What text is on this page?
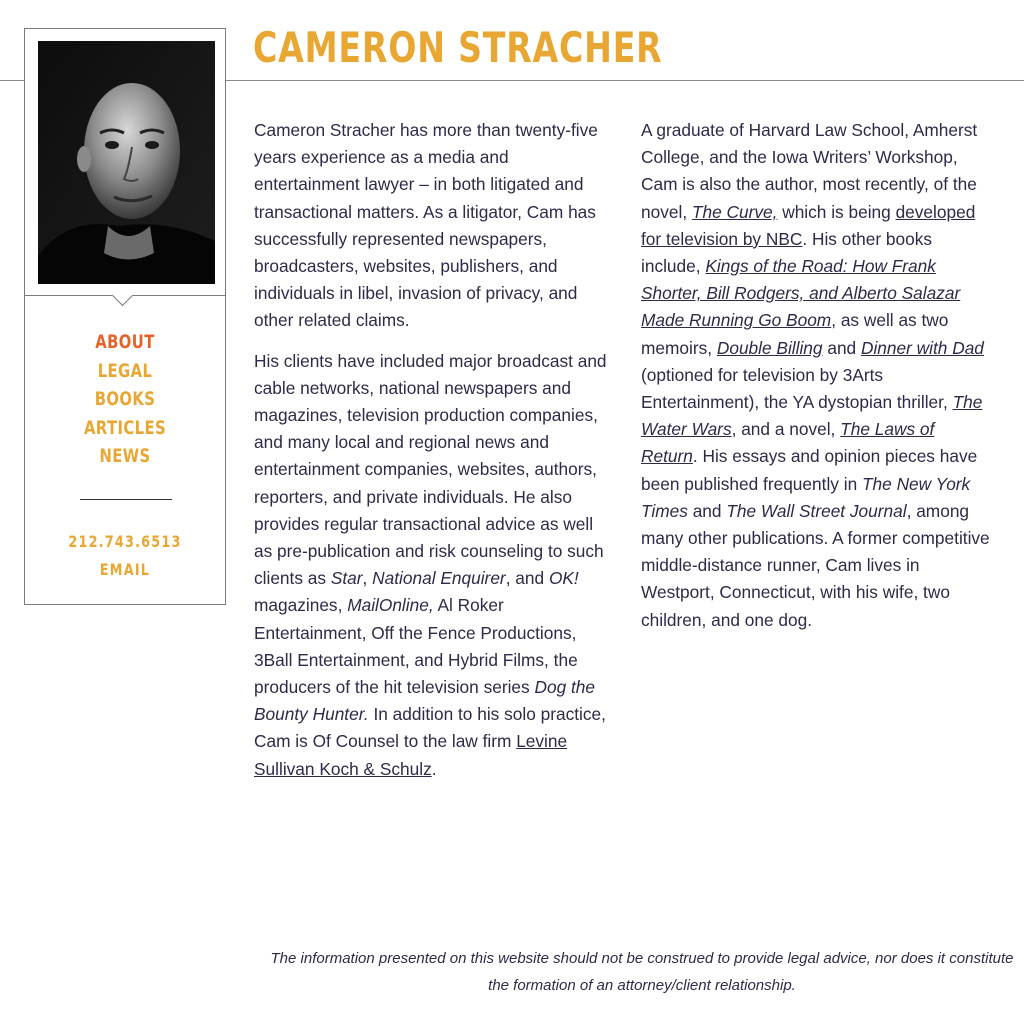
CAMERON STRACHER
ABOUT
LEGAL
BOOKS
ARTICLES
NEWS
212.743.6513
EMAIL

Cameron Stracher has more than twenty-five years experience as a media and entertainment lawyer – in both litigated and transactional matters. As a litigator, Cam has successfully represented newspapers, broadcasters, websites, publishers, and individuals in libel, invasion of privacy, and other related claims.

His clients have included major broadcast and cable networks, national newspapers and magazines, television production companies, and many local and regional news and entertainment companies, websites, authors, reporters, and private individuals. He also provides regular transactional advice as well as pre-publication and risk counseling to such clients as Star, National Enquirer, and OK! magazines, MailOnline, Al Roker Entertainment, Off the Fence Productions, 3Ball Entertainment, and Hybrid Films, the producers of the hit television series Dog the Bounty Hunter. In addition to his solo practice, Cam is Of Counsel to the law firm Levine Sullivan Koch & Schulz.

A graduate of Harvard Law School, Amherst College, and the Iowa Writers’ Workshop, Cam is also the author, most recently, of the novel, The Curve, which is being developed for television by NBC. His other books include, Kings of the Road: How Frank Shorter, Bill Rodgers, and Alberto Salazar Made Running Go Boom, as well as two memoirs, Double Billing and Dinner with Dad (optioned for television by 3Arts Entertainment), the YA dystopian thriller, The Water Wars, and a novel, The Laws of Return. His essays and opinion pieces have been published frequently in The New York Times and The Wall Street Journal, among many other publications. A former competitive middle-distance runner, Cam lives in Westport, Connecticut, with his wife, two children, and one dog.

The information presented on this website should not be construed to provide legal advice, nor does it constitute the formation of an attorney/client relationship.
